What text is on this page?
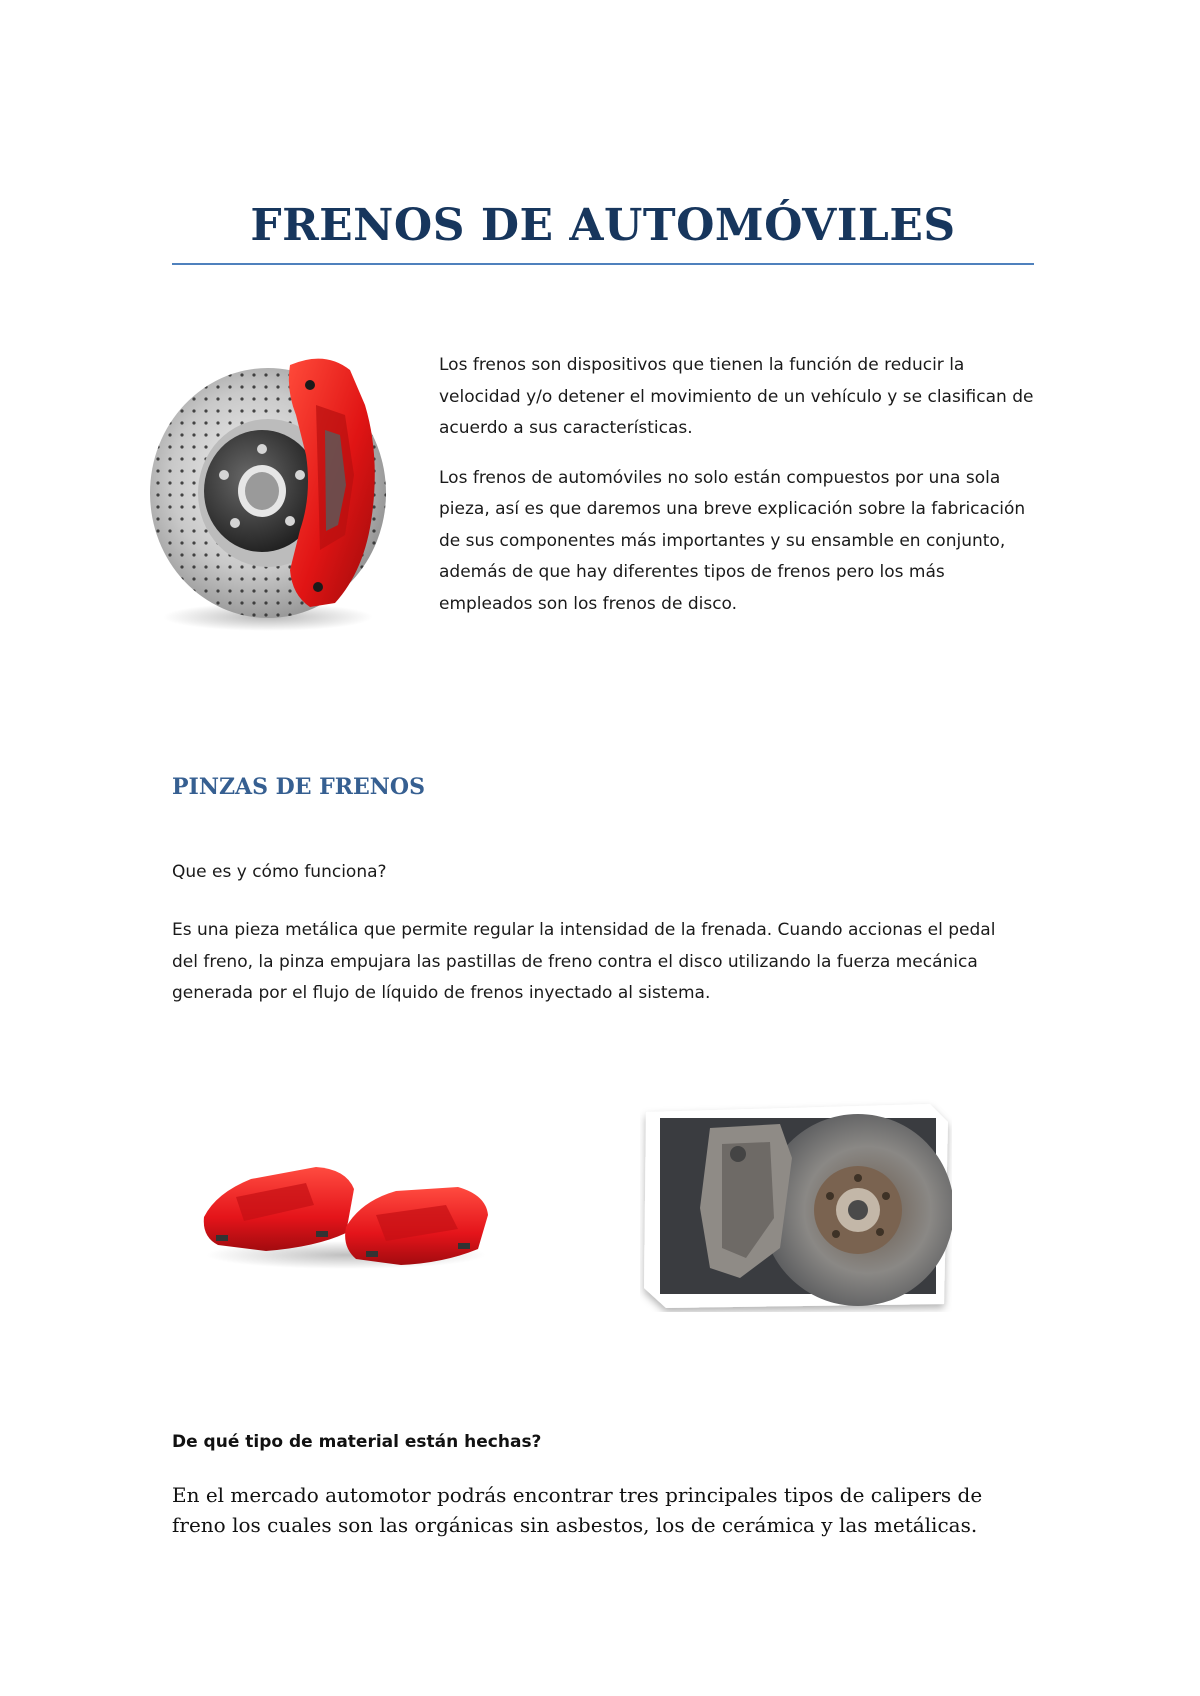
FRENOS DE AUTOMÓVILES

Los frenos son dispositivos que tienen la función de reducir la velocidad y/o detener el movimiento de un vehículo y se clasifican de acuerdo a sus características.

Los frenos de automóviles no solo están compuestos por una sola pieza, así es que daremos una breve explicación sobre la fabricación de sus componentes más importantes y su ensamble en conjunto, además de que hay diferentes tipos de frenos pero los más empleados son los frenos de disco.

PINZAS DE FRENOS

Que es y cómo funciona?

Es una pieza metálica que permite regular la intensidad de la frenada. Cuando accionas el pedal del freno, la pinza empujara las pastillas de freno contra el disco utilizando la fuerza mecánica generada por el flujo de líquido de frenos inyectado al sistema.

De qué tipo de material están hechas?

En el mercado automotor podrás encontrar tres principales tipos de calipers de freno los cuales son las orgánicas sin asbestos, los de cerámica y las metálicas.
